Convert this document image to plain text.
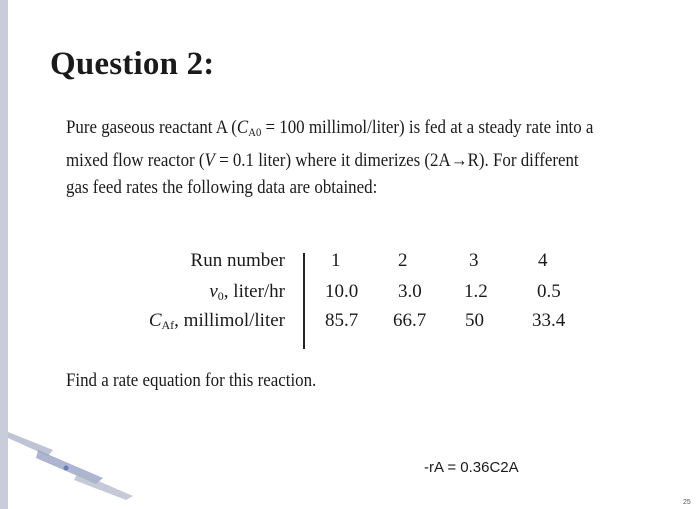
Question 2:
Pure gaseous reactant A ($C_{A0} = 100$ millimol/liter) is fed at a steady rate into a
mixed flow reactor (V = 0.1 liter) where it dimerizes (2A→R). For different
gas feed rates the following data are obtained:
Run number 1	2	3	4
v0, liter/hr 10.0 3.0 1.2	0.5
$C_{Af}$, millimol/liter 85.7 66.7 50	33.4
Find a rate equation for this reaction.
-rA = 0.36C2A
25
